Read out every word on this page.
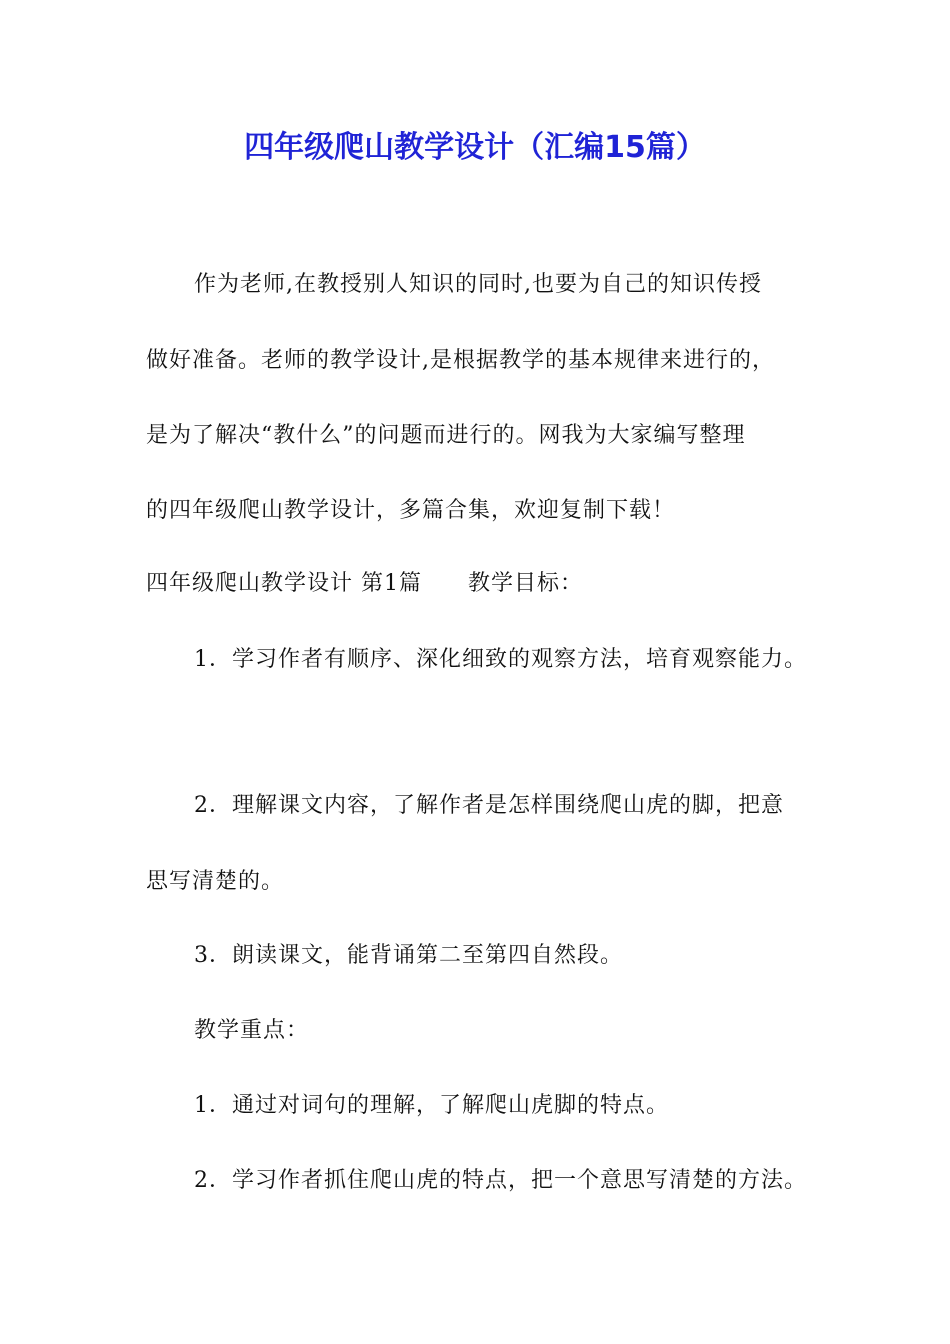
四年级爬山教学设计（汇编15篇）
作为老师,在教授别人知识的同时,也要为自己的知识传授
做好准备。老师的教学设计,是根据教学的基本规律来进行的，
是为了解决“教什么”的问题而进行的。网我为大家编写整理
的四年级爬山教学设计，多篇合集，欢迎复制下载！
四年级爬山教学设计 第1篇 教学目标：
1．学习作者有顺序、深化细致的观察方法，培育观察能力。
2．理解课文内容，了解作者是怎样围绕爬山虎的脚，把意
思写清楚的。
3．朗读课文，能背诵第二至第四自然段。
教学重点：
1．通过对词句的理解，了解爬山虎脚的特点。
2．学习作者抓住爬山虎的特点，把一个意思写清楚的方法。
